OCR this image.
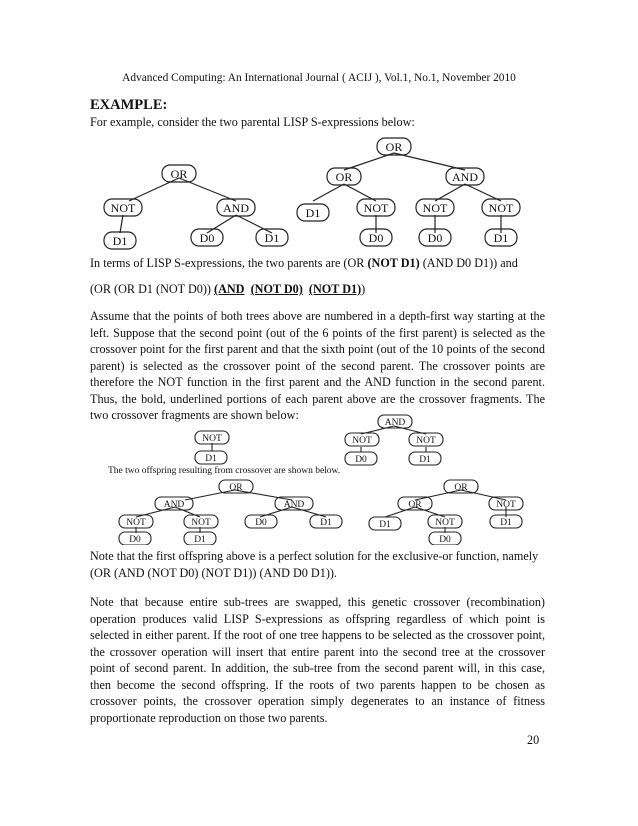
Advanced Computing: An International Journal ( ACIJ ), Vol.1, No.1, November 2010
EXAMPLE:
For example, consider the two parental LISP S-expressions below:
OR
NOT	AND
D1	D0	D1
OR
OR	AND
D1	NOT	NOT	NOT
D0	D0	D1
In terms of LISP S-expressions, the two parents are (OR (NOT D1) (AND D0 D1)) and
(OR (OR D1 (NOT D0)) (AND (NOT D0) (NOT D1))

Assume that the points of both trees above are numbered in a depth-first way starting at the left. Suppose that the second point (out of the 6 points of the first parent) is selected as the crossover point for the first parent and that the sixth point (out of the 10 points of the second parent) is selected as the crossover point of the second parent. The crossover points are therefore the NOT function in the first parent and the AND function in the second parent. Thus, the bold, underlined portions of each parent above are the crossover fragments. The two crossover fragments are shown below:

NOT
D1
AND
NOT	NOT
D0	D1
OR
AND	AND
NOT	NOT	D0	D1
D0	D1
OR
OR	NOT
D1	NOT	D1
D0
The two offspring resulting from crossover are shown below.
Note that the first offspring above is a perfect solution for the exclusive-or function, namely
(OR (AND (NOT D0) (NOT D1)) (AND D0 D1)).

Note that because entire sub-trees are swapped, this genetic crossover (recombination) operation produces valid LISP S-expressions as offspring regardless of which point is selected in either parent. If the root of one tree happens to be selected as the crossover point, the crossover operation will insert that entire parent into the second tree at the crossover point of second parent. In addition, the sub-tree from the second parent will, in this case, then become the second offspring. If the roots of two parents happen to be chosen as crossover points, the crossover operation simply degenerates to an instance of fitness proportionate reproduction on those two parents.

20
